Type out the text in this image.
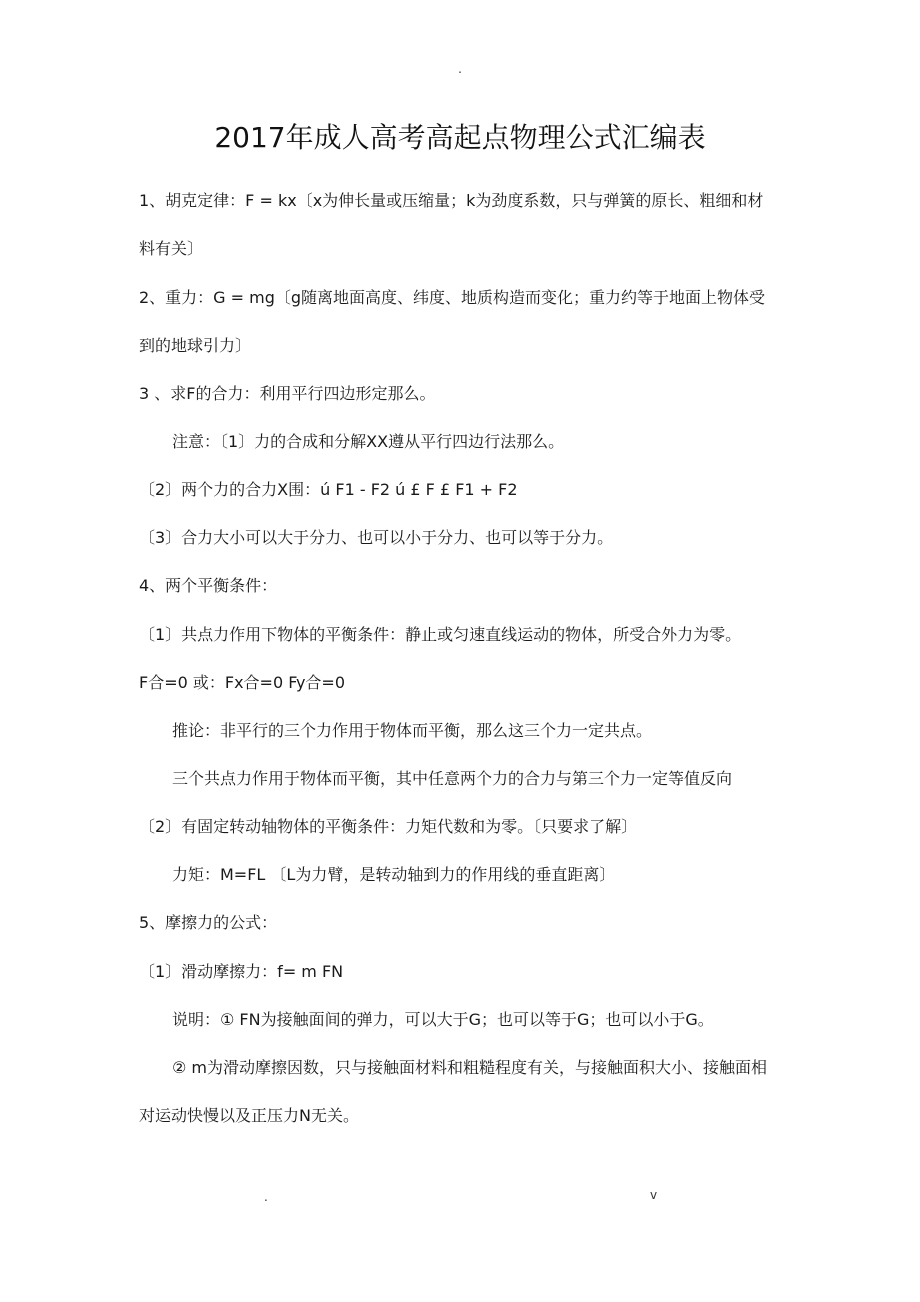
.
2017年成人高考高起点物理公式汇编表
1、胡克定律：F = kx〔x为伸长量或压缩量；k为劲度系数，只与弹簧的原长、粗细和材
料有关〕
2、重力：G = mg〔g随离地面高度、纬度、地质构造而变化；重力约等于地面上物体受
到的地球引力〕
3 、求F的合力：利用平行四边形定那么。
注意：〔1〕力的合成和分解XX遵从平行四边行法那么。
〔2〕两个力的合力X围：ú F1 - F2 ú £ F £ F1 + F2
〔3〕合力大小可以大于分力、也可以小于分力、也可以等于分力。
4、两个平衡条件：
〔1〕共点力作用下物体的平衡条件：静止或匀速直线运动的物体，所受合外力为零。
F合=0 或：Fx合=0 Fy合=0
推论：非平行的三个力作用于物体而平衡，那么这三个力一定共点。
三个共点力作用于物体而平衡，其中任意两个力的合力与第三个力一定等值反向
〔2〕有固定转动轴物体的平衡条件：力矩代数和为零。〔只要求了解〕
力矩：M=FL 〔L为力臂，是转动轴到力的作用线的垂直距离〕
5、摩擦力的公式：
〔1〕滑动摩擦力：f= m FN
说明：① FN为接触面间的弹力，可以大于G；也可以等于G；也可以小于G。
② m为滑动摩擦因数，只与接触面材料和粗糙程度有关，与接触面积大小、接触面相
对运动快慢以及正压力N无关。
.	v
